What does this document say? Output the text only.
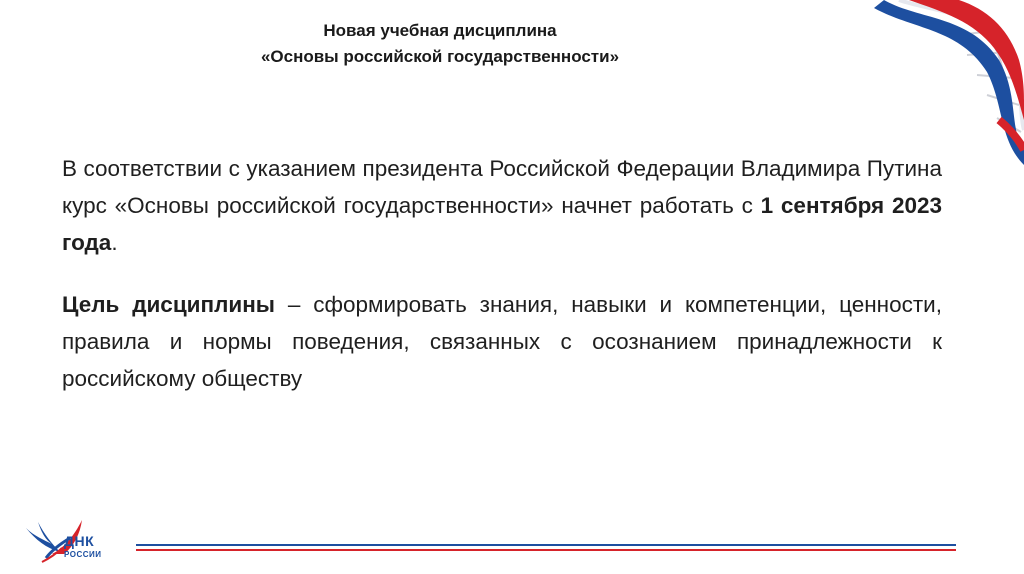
Новая учебная дисциплина
«Основы российской государственности»

В соответствии с указанием президента Российской Федерации Владимира Путина курс «Основы российской государственности» начнет работать с 1 сентября 2023 года.

Цель дисциплины – сформировать знания, навыки и компетенции, ценности, правила и нормы поведения, связанных с осознанием принадлежности к российскому обществу

ДНК
РОССИИ
